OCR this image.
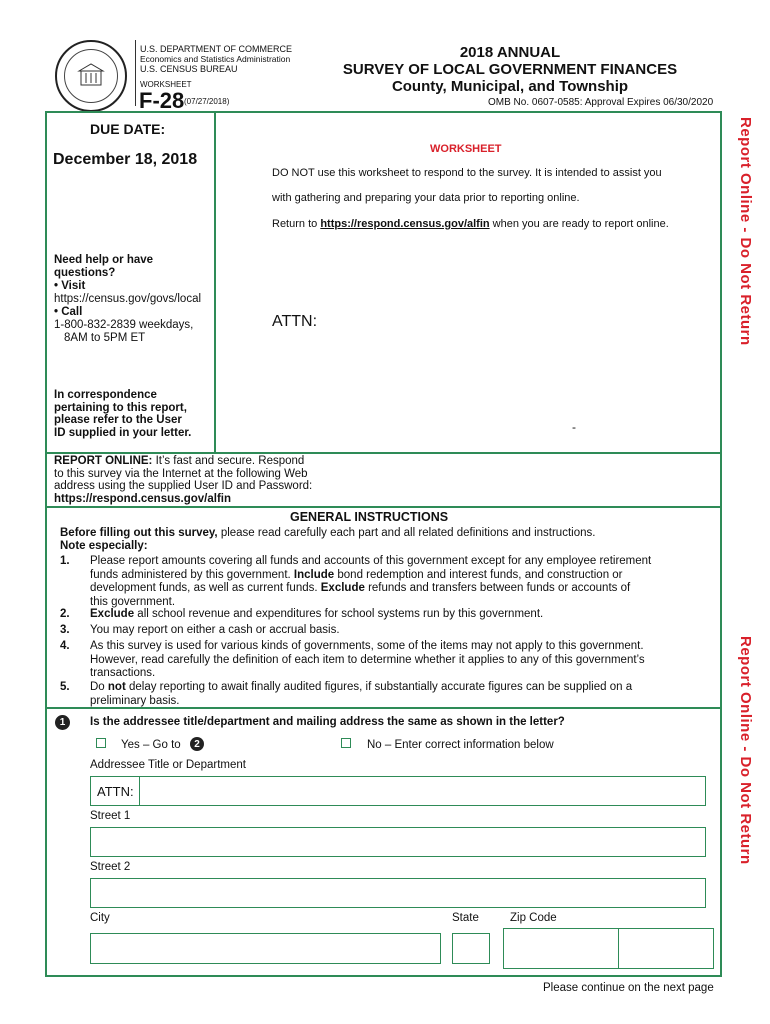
U.S. DEPARTMENT OF COMMERCE
Economics and Statistics Administration
U.S. CENSUS BUREAU
WORKSHEET
F-28 (07/27/2018)
2018 ANNUAL
SURVEY OF LOCAL GOVERNMENT FINANCES
County, Municipal, and Township
OMB No. 0607-0585: Approval Expires 06/30/2020
DUE DATE:
December 18, 2018
WORKSHEET
DO NOT use this worksheet to respond to the survey. It is intended to assist you
with gathering and preparing your data prior to reporting online.
Return to https://respond.census.gov/alfin when you are ready to report online.
Need help or have
questions?
• Visit
https://census.gov/govs/local
• Call
1-800-832-2839 weekdays,
8AM to 5PM ET
ATTN:
-
In correspondence
pertaining to this report,
please refer to the User
ID supplied in your letter.
REPORT ONLINE: It’s fast and secure. Respond
to this survey via the Internet at the following Web
address using the supplied User ID and Password:
https://respond.census.gov/alfin
GENERAL INSTRUCTIONS
Before filling out this survey, please read carefully each part and all related definitions and instructions.
Note especially:
1. Please report amounts covering all funds and accounts of this government except for any employee retirement
funds administered by this government. Include bond redemption and interest funds, and construction or
development funds, as well as current funds. Exclude refunds and transfers between funds or accounts of
this government.
2. Exclude all school revenue and expenditures for school systems run by this government.
3. You may report on either a cash or accrual basis.
4. As this survey is used for various kinds of governments, some of the items may not apply to this government.
However, read carefully the definition of each item to determine whether it applies to any of this government’s
transactions.
5. Do not delay reporting to await finally audited figures, if substantially accurate figures can be supplied on a
preliminary basis.
1	Is the addressee title/department and mailing address the same as shown in the letter?
Yes – Go to	2	No – Enter correct information below
Addressee Title or Department
ATTN:
Street 1
Street 2
City	State	Zip Code
Report Online - Do Not Return
Report Online - Do Not Return
Please continue on the next page
